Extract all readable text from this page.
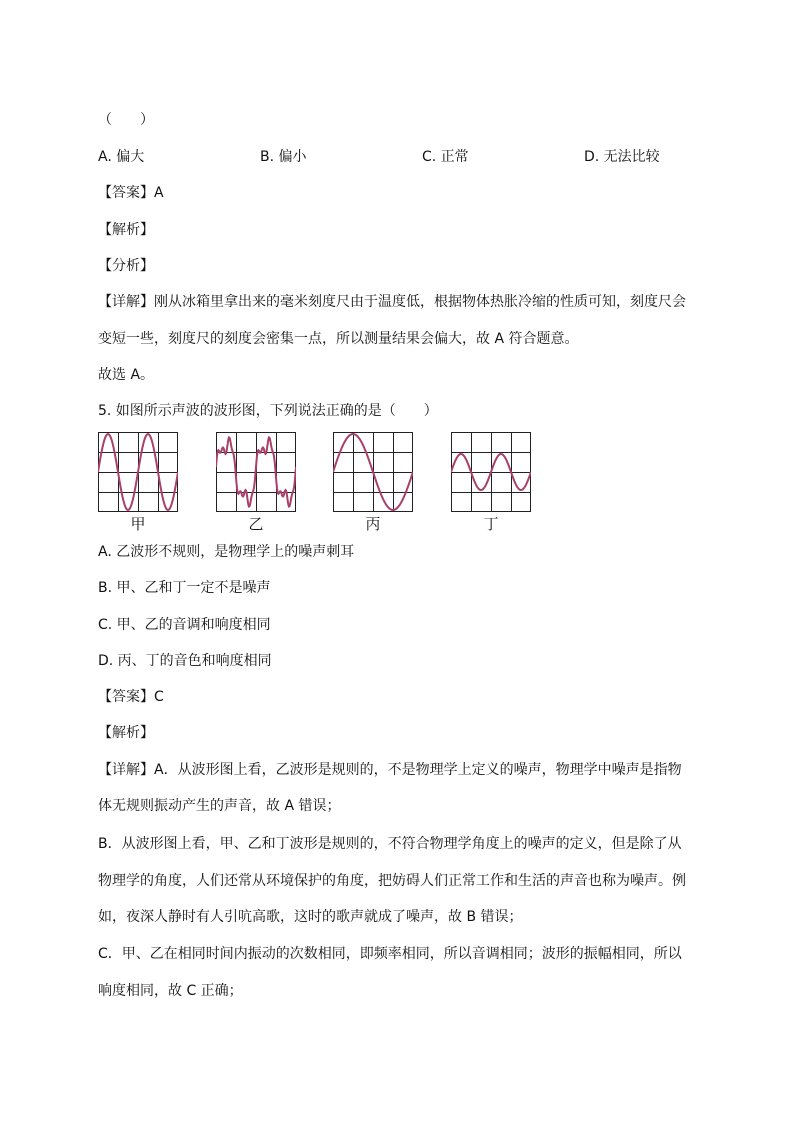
（　　）
A. 偏大	B. 偏小	C. 正常	D. 无法比较
【答案】A
【解析】
【分析】
【详解】刚从冰箱里拿出来的毫米刻度尺由于温度低，根据物体热胀冷缩的性质可知，刻度尺会
变短一些，刻度尺的刻度会密集一点，所以测量结果会偏大，故 A 符合题意。
故选 A。
5. 如图所示声波的波形图，下列说法正确的是（　　）
甲	乙	丙	丁
A. 乙波形不规则，是物理学上的噪声刺耳
B. 甲、乙和丁一定不是噪声
C. 甲、乙的音调和响度相同
D. 丙、丁的音色和响度相同
【答案】C
【解析】
【详解】A．从波形图上看，乙波形是规则的，不是物理学上定义的噪声，物理学中噪声是指物
体无规则振动产生的声音，故 A 错误；
B．从波形图上看，甲、乙和丁波形是规则的，不符合物理学角度上的噪声的定义，但是除了从
物理学的角度，人们还常从环境保护的角度，把妨碍人们正常工作和生活的声音也称为噪声。例
如，夜深人静时有人引吭高歌，这时的歌声就成了噪声，故 B 错误；
C．甲、乙在相同时间内振动的次数相同，即频率相同，所以音调相同；波形的振幅相同，所以
响度相同，故 C 正确；
